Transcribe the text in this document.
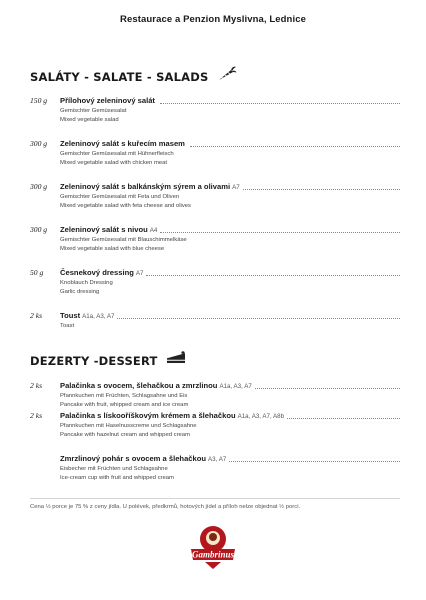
Restaurace a Penzion Myslivna, Lednice
SALÁTY - SALATE - SALADS
150 g	Přílohový zeleninový salát
Gemischter Gemüsesalat
Mixed vegetable salad
300 g	Zeleninový salát s kuřecím masem
Gemischter Gemüsesalat mit Hühnerfleisch
Mixed vegetable salad with chicken meat
300 g	Zeleninový salát s balkánským sýrem a olivami A7
Gemischter Gemüsesalat mit Feta und Oliven
Mixed vegetable salad with feta cheese and olives
300 g	Zeleninový salát s nivou A4
Gemischter Gemüsesalat mit Blauschimmelkäse
Mixed vegetable salad with blue cheese
50 g	Česnekový dressing A7
Knoblauch Dressing
Garlic dressing
2 ks	Toust A1a, A3, A7
Toast
DEZERTY -DESSERT
2 ks	Palačinka s ovocem, šlehačkou a zmrzlinou A1a, A3, A7
Pfannkuchen mit Früchten, Schlagsahne und Eis
Pancake with fruit, whipped cream and ice cream
2 ks	Palačinka s lískooříškovým krémem a šlehačkou A1a, A3, A7, A8b
Pfannkuchen mit Haselnusscreme und Schlagsahne
Pancake with hazelnut cream and whipped cream
Zmrzlinový pohár s ovocem a šlehačkou A3, A7
Eisbecher mit Früchten und Schlagsahne
Ice-cream cup with fruit and whipped cream
Cena ½ porce je 75 % z ceny jídla. U polévek, předkrmů, hotových jídel a příloh nelze objednat ½ porci.
Gambrinus
